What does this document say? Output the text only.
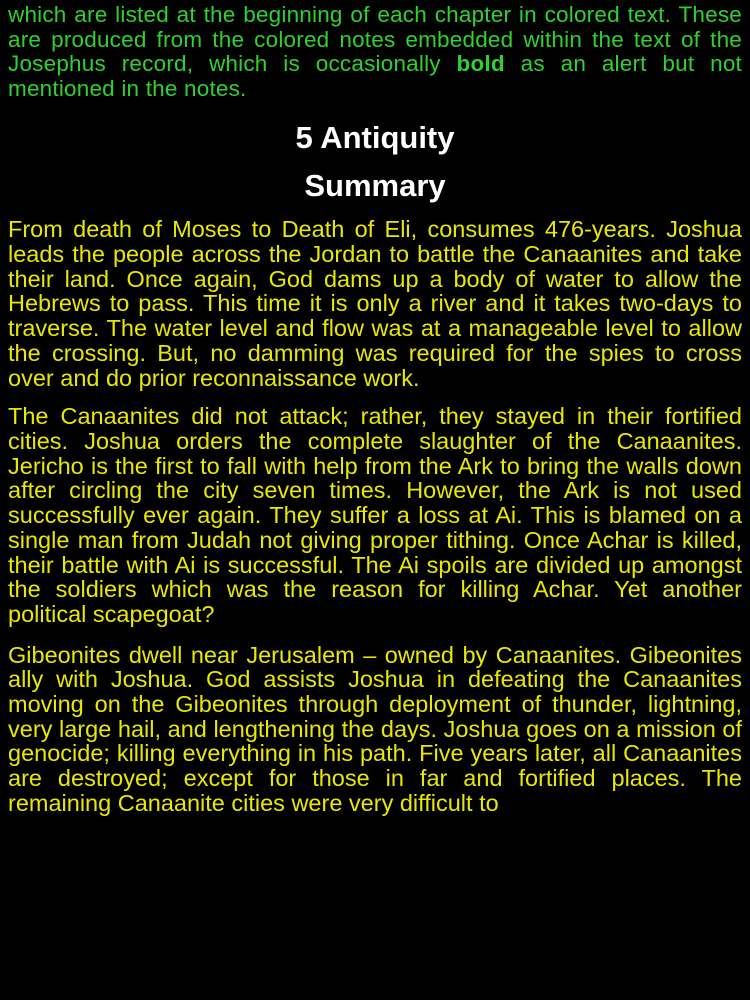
which are listed at the beginning of each chapter in colored text. These are produced from the colored notes embedded within the text of the Josephus record, which is occasionally bold as an alert but not mentioned in the notes.

5 Antiquity
Summary

From death of Moses to Death of Eli, consumes 476-years. Joshua leads the people across the Jordan to battle the Canaanites and take their land. Once again, God dams up a body of water to allow the Hebrews to pass. This time it is only a river and it takes two-days to traverse. The water level and flow was at a manageable level to allow the crossing. But, no damming was required for the spies to cross over and do prior reconnaissance work.

The Canaanites did not attack; rather, they stayed in their fortified cities. Joshua orders the complete slaughter of the Canaanites. Jericho is the first to fall with help from the Ark to bring the walls down after circling the city seven times. However, the Ark is not used successfully ever again. They suffer a loss at Ai. This is blamed on a single man from Judah not giving proper tithing. Once Achar is killed, their battle with Ai is successful. The Ai spoils are divided up amongst the soldiers which was the reason for killing Achar. Yet another political scapegoat?

Gibeonites dwell near Jerusalem – owned by Canaanites. Gibeonites ally with Joshua. God assists Joshua in defeating the Canaanites moving on the Gibeonites through deployment of thunder, lightning, very large hail, and lengthening the days. Joshua goes on a mission of genocide; killing everything in his path. Five years later, all Canaanites are destroyed; except for those in far and fortified places. The remaining Canaanite cities were very difficult to
